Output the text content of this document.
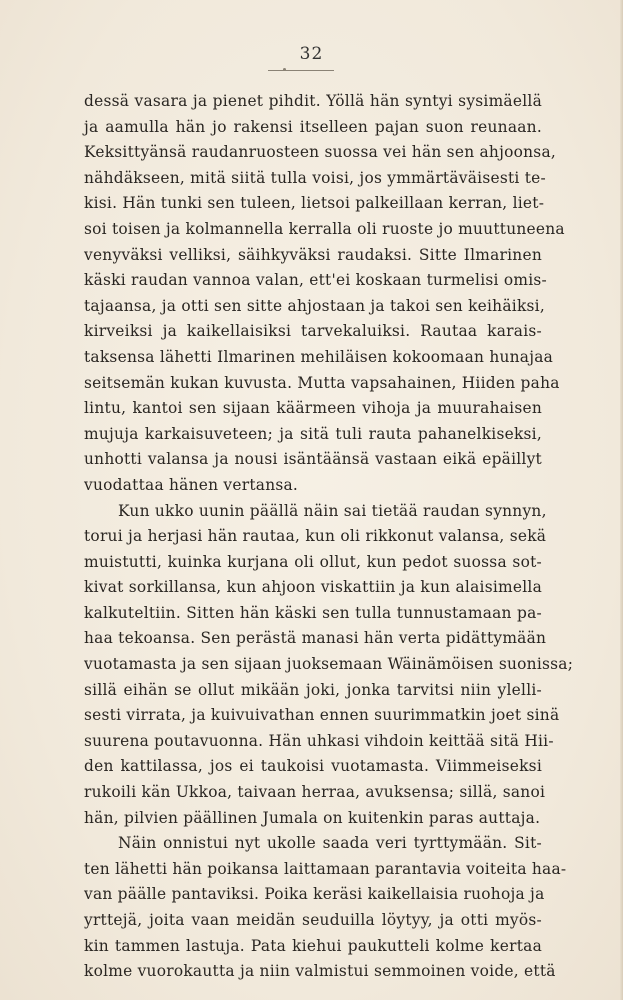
32
dessä vasara ja pienet pihdit. Yöllä hän syntyi sysimäellä
ja aamulla hän jo rakensi itselleen pajan suon reunaan.
Keksittyänsä raudanruosteen suossa vei hän sen ahjoonsa,
nähdäkseen, mitä siitä tulla voisi, jos ymmärtäväisesti te-
kisi. Hän tunki sen tuleen, lietsoi palkeillaan kerran, liet-
soi toisen ja kolmannella kerralla oli ruoste jo muuttuneena
venyväksi velliksi, säihkyväksi raudaksi. Sitte Ilmarinen
käski raudan vannoa valan, ett'ei koskaan turmelisi omis-
tajaansa, ja otti sen sitte ahjostaan ja takoi sen keihäiksi,
kirveiksi ja kaikellaisiksi tarvekaluiksi. Rautaa karais-
taksensa lähetti Ilmarinen mehiläisen kokoomaan hunajaa
seitsemän kukan kuvusta. Mutta vapsahainen, Hiiden paha
lintu, kantoi sen sijaan käärmeen vihoja ja muurahaisen
mujuja karkaisuveteen; ja sitä tuli rauta pahanelkiseksi,
unhotti valansa ja nousi isäntäänsä vastaan eikä epäillyt
vuodattaa hänen vertansa.
Kun ukko uunin päällä näin sai tietää raudan synnyn,
torui ja herjasi hän rautaa, kun oli rikkonut valansa, sekä
muistutti, kuinka kurjana oli ollut, kun pedot suossa sot-
kivat sorkillansa, kun ahjoon viskattiin ja kun alaisimella
kalkuteltiin. Sitten hän käski sen tulla tunnustamaan pa-
haa tekoansa. Sen perästä manasi hän verta pidättymään
vuotamasta ja sen sijaan juoksemaan Wäinämöisen suonissa;
sillä eihän se ollut mikään joki, jonka tarvitsi niin ylelli-
sesti virrata, ja kuivuivathan ennen suurimmatkin joet sinä
suurena poutavuonna. Hän uhkasi vihdoin keittää sitä Hii-
den kattilassa, jos ei taukoisi vuotamasta. Viimmeiseksi
rukoili kän Ukkoa, taivaan herraa, avuksensa; sillä, sanoi
hän, pilvien päällinen Jumala on kuitenkin paras auttaja.
Näin onnistui nyt ukolle saada veri tyrttymään. Sit-
ten lähetti hän poikansa laittamaan parantavia voiteita haa-
van päälle pantaviksi. Poika keräsi kaikellaisia ruohoja ja
yrttejä, joita vaan meidän seuduilla löytyy, ja otti myös-
kin tammen lastuja. Pata kiehui paukutteli kolme kertaa
kolme vuorokautta ja niin valmistui semmoinen voide, että
